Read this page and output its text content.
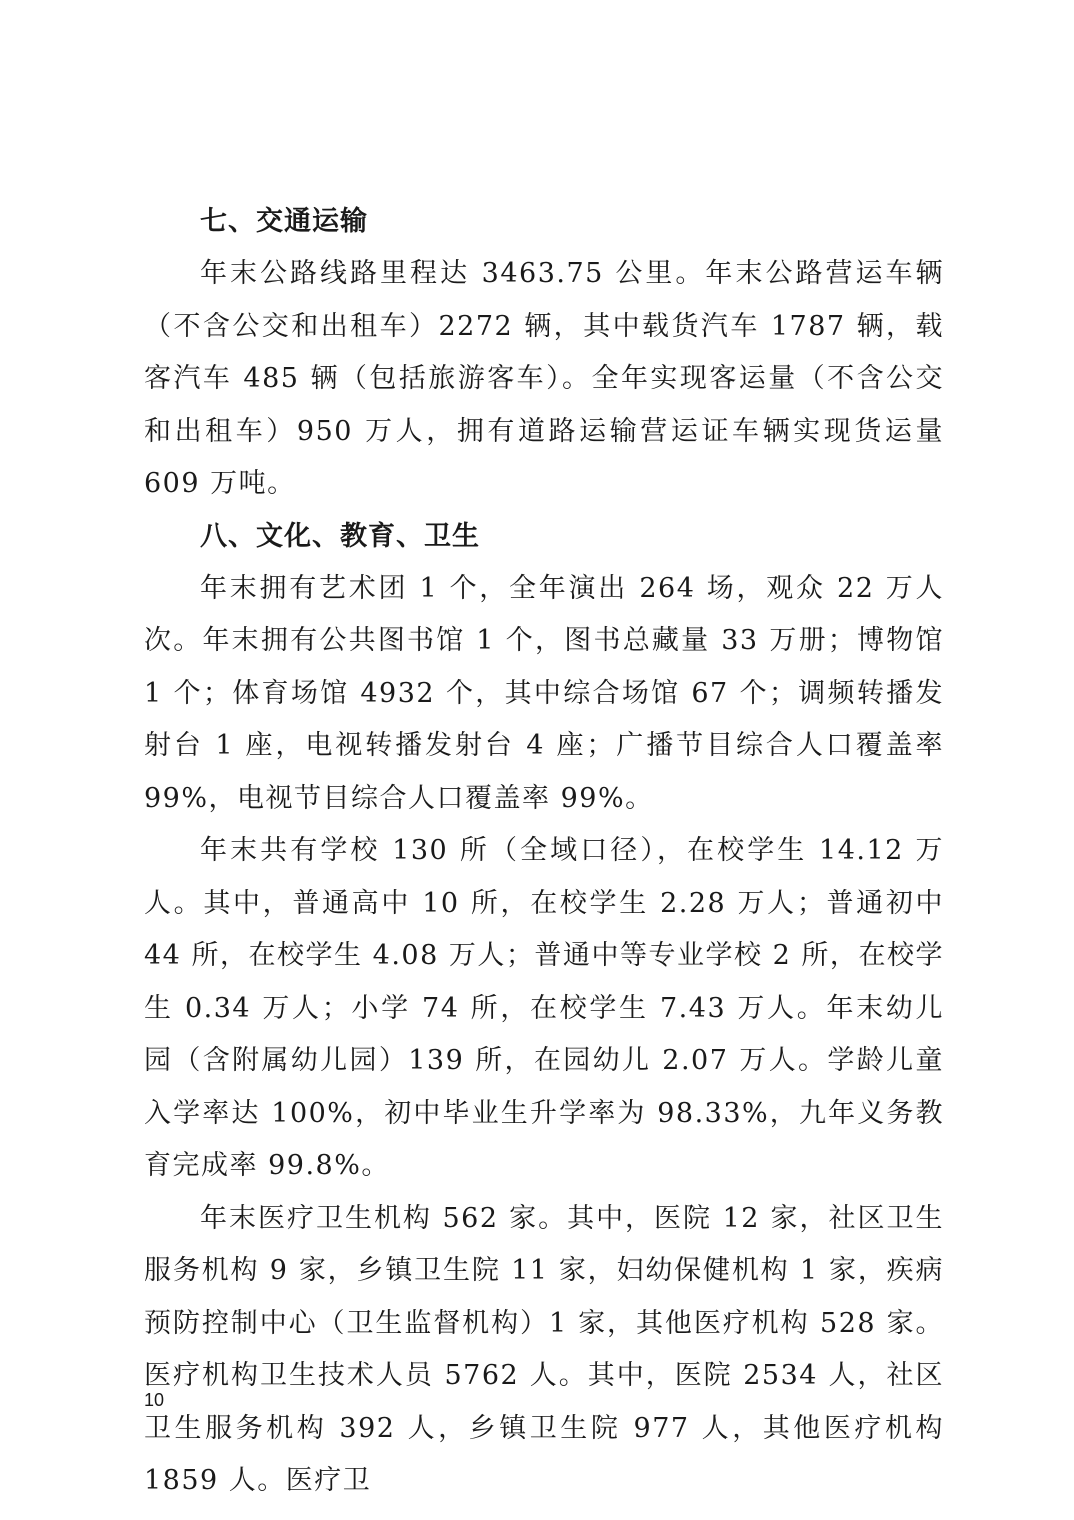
七、交通运输

年末公路线路里程达 3463.75 公里。年末公路营运车辆（不含公交和出租车）2272 辆，其中载货汽车 1787 辆，载客汽车 485 辆（包括旅游客车）。全年实现客运量（不含公交和出租车）950 万人，拥有道路运输营运证车辆实现货运量 609 万吨。

八、文化、教育、卫生

年末拥有艺术团 1 个，全年演出 264 场，观众 22 万人次。年末拥有公共图书馆 1 个，图书总藏量 33 万册；博物馆 1 个；体育场馆 4932 个，其中综合场馆 67 个；调频转播发射台 1 座，电视转播发射台 4 座；广播节目综合人口覆盖率 99%，电视节目综合人口覆盖率 99%。

年末共有学校 130 所（全域口径），在校学生 14.12 万人。其中，普通高中 10 所，在校学生 2.28 万人；普通初中 44 所，在校学生 4.08 万人；普通中等专业学校 2 所，在校学生 0.34 万人；小学 74 所，在校学生 7.43 万人。年末幼儿园（含附属幼儿园）139 所，在园幼儿 2.07 万人。学龄儿童入学率达 100%，初中毕业生升学率为 98.33%，九年义务教育完成率 99.8%。

年末医疗卫生机构 562 家。其中，医院 12 家，社区卫生服务机构 9 家，乡镇卫生院 11 家，妇幼保健机构 1 家，疾病预防控制中心（卫生监督机构）1 家，其他医疗机构 528 家。医疗机构卫生技术人员 5762 人。其中，医院 2534 人，社区卫生服务机构 392 人，乡镇卫生院 977 人，其他医疗机构 1859 人。医疗卫

10
